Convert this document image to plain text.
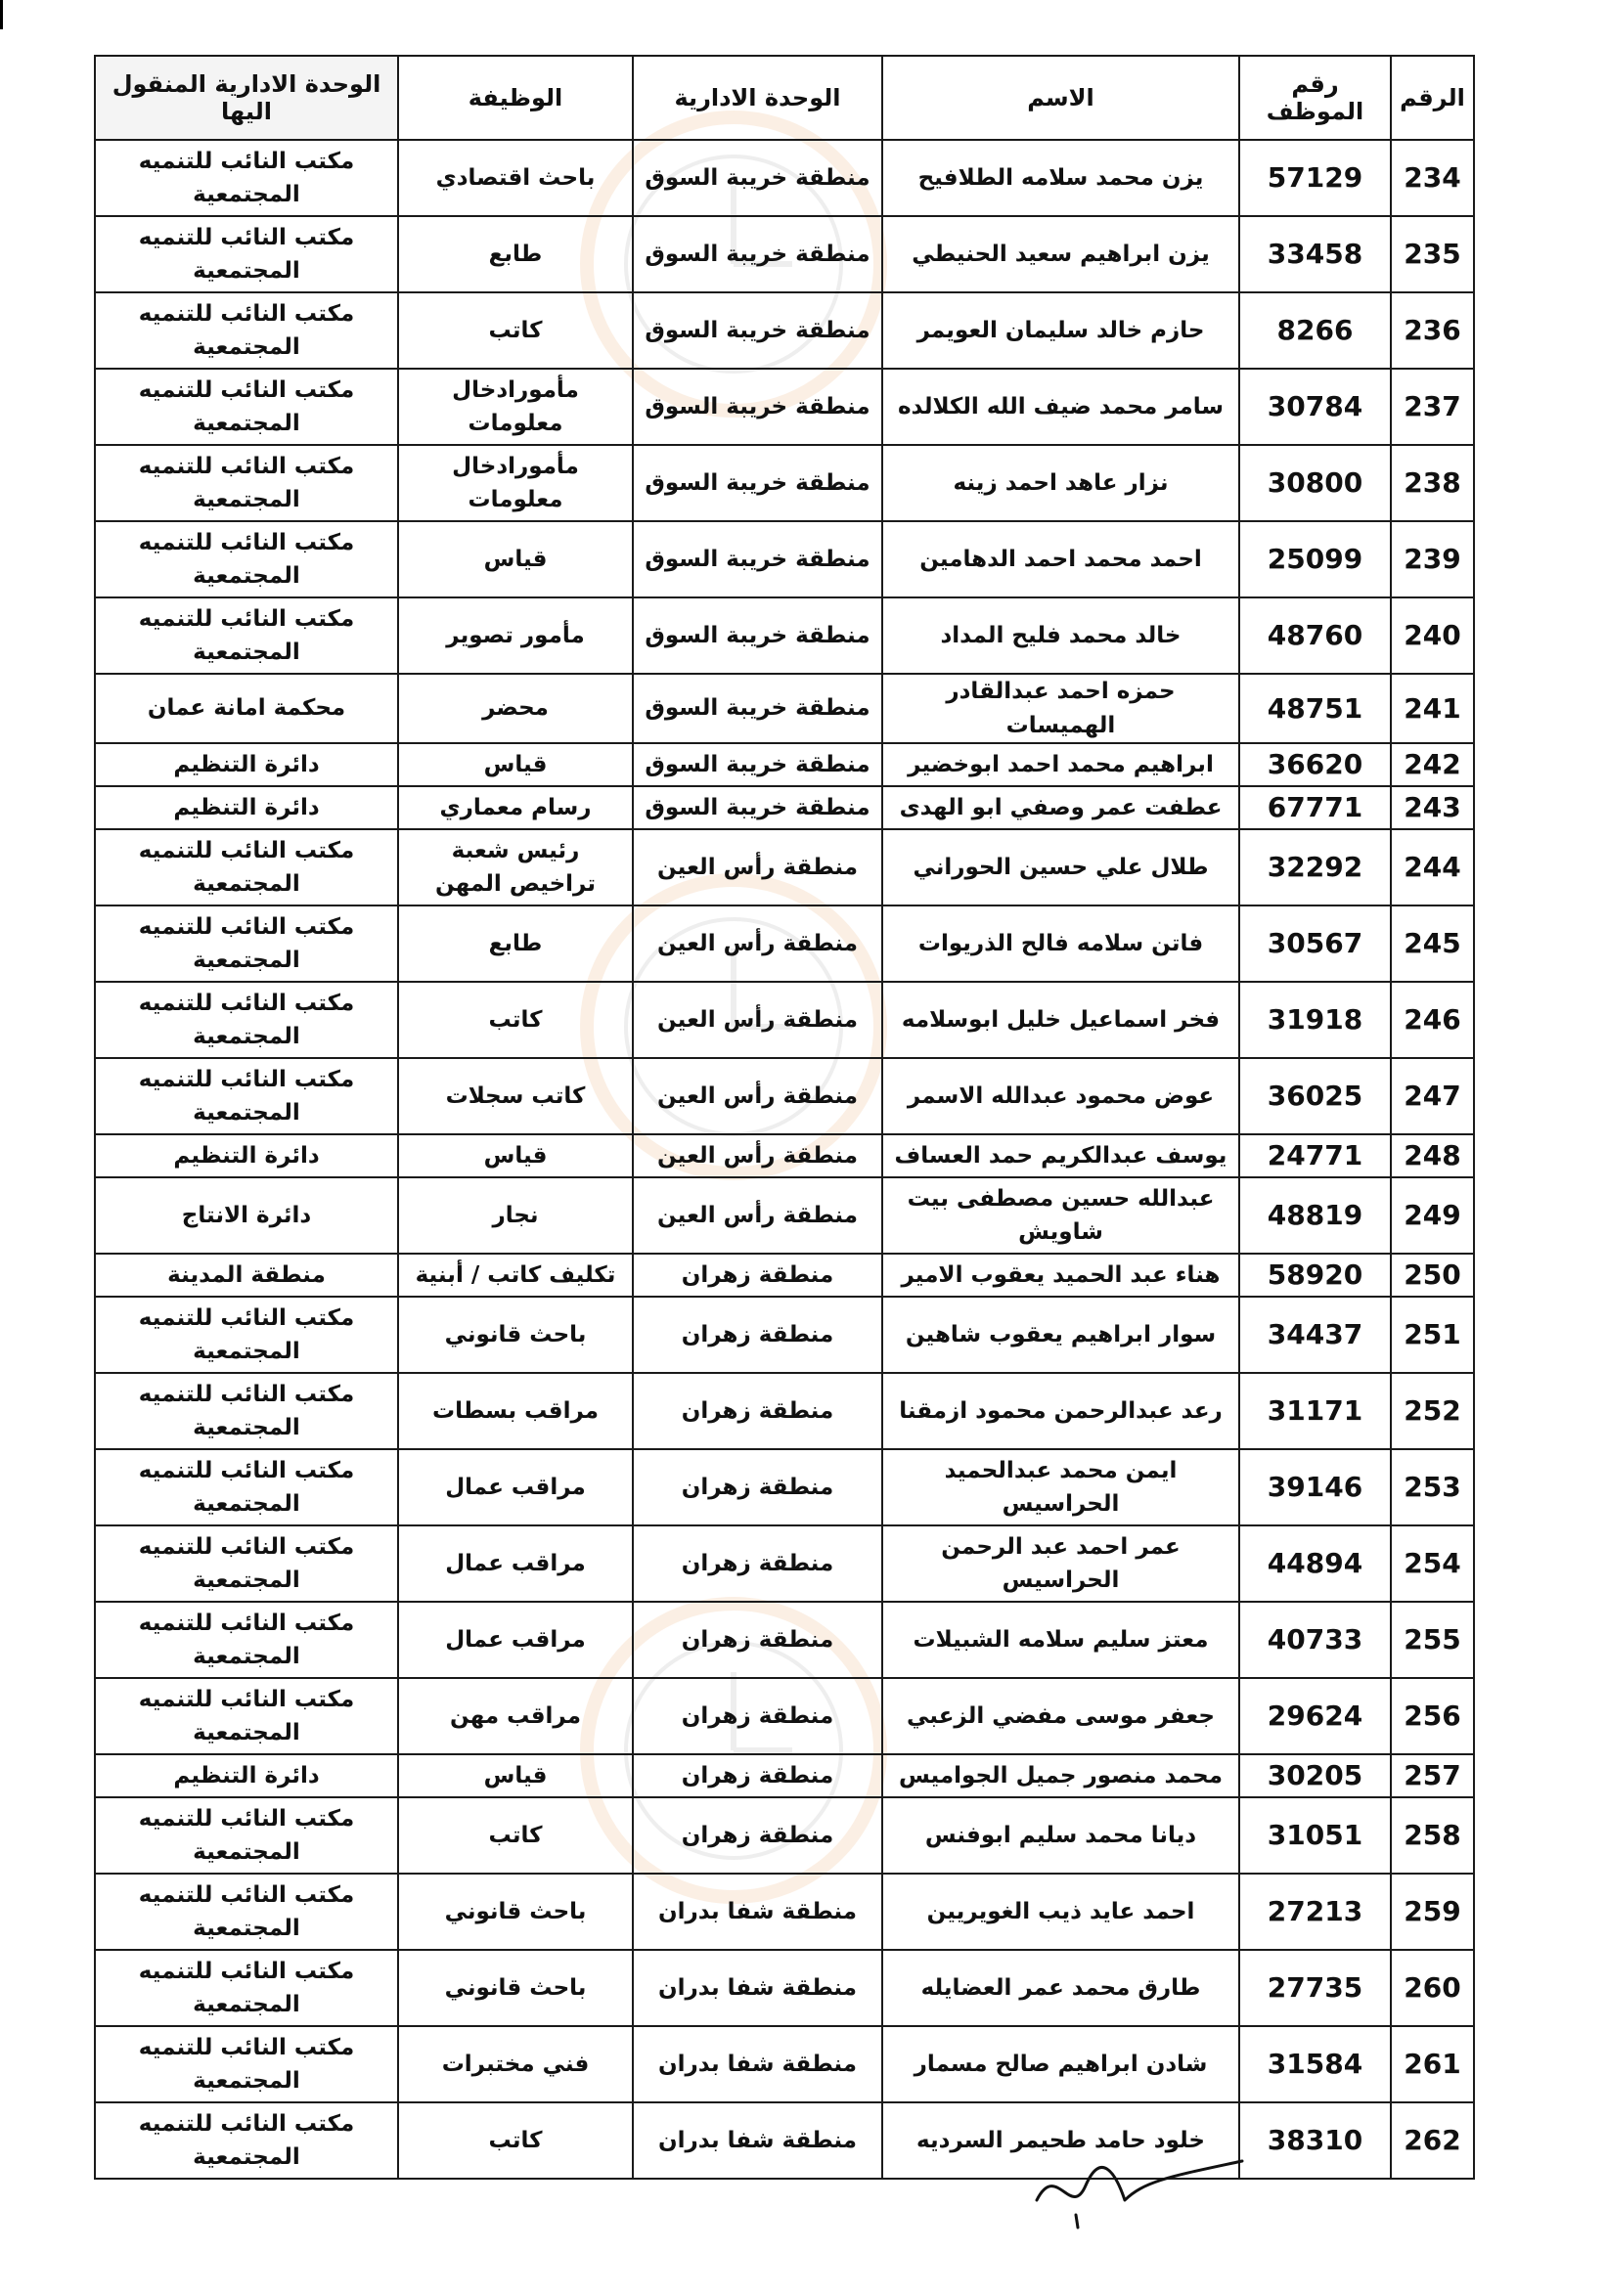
الرقم	رقم الموظف	الاسم	الوحدة الادارية	الوظيفة	الوحدة الادارية المنقول اليها
234	57129	يزن محمد سلامه الطلافيح	منطقة خريبة السوق	باحث اقتصادي	مكتب النائب للتنميه المجتمعية
235	33458	يزن ابراهيم سعيد الحنيطي	منطقة خريبة السوق	طابع	مكتب النائب للتنميه المجتمعية
236	8266	حازم خالد سليمان العويمر	منطقة خريبة السوق	كاتب	مكتب النائب للتنميه المجتمعية
237	30784	سامر محمد ضيف الله الكلالده	منطقة خريبة السوق	مأمورادخال معلومات	مكتب النائب للتنميه المجتمعية
238	30800	نزار عاهد احمد زينه	منطقة خريبة السوق	مأمورادخال معلومات	مكتب النائب للتنميه المجتمعية
239	25099	احمد محمد احمد الدهامين	منطقة خريبة السوق	قياس	مكتب النائب للتنميه المجتمعية
240	48760	خالد محمد فليح المداد	منطقة خريبة السوق	مأمور تصوير	مكتب النائب للتنميه المجتمعية
241	48751	حمزه احمد عبدالقادر الهميسات	منطقة خريبة السوق	محضر	محكمة امانة عمان
242	36620	ابراهيم محمد احمد ابوخضير	منطقة خريبة السوق	قياس	دائرة التنظيم
243	67771	عطفت عمر وصفي ابو الهدى	منطقة خريبة السوق	رسام معماري	دائرة التنظيم
244	32292	طلال علي حسين الحوراني	منطقة رأس العين	رئيس شعبة تراخيص المهن	مكتب النائب للتنميه المجتمعية
245	30567	فاتن سلامه فالح الذريوات	منطقة رأس العين	طابع	مكتب النائب للتنميه المجتمعية
246	31918	فخر اسماعيل خليل ابوسلامه	منطقة رأس العين	كاتب	مكتب النائب للتنميه المجتمعية
247	36025	عوض محمود عبدالله الاسمر	منطقة رأس العين	كاتب سجلات	مكتب النائب للتنميه المجتمعية
248	24771	يوسف عبدالكريم حمد العساف	منطقة رأس العين	قياس	دائرة التنظيم
249	48819	عبدالله حسين مصطفى بيت شاويش	منطقة رأس العين	نجار	دائرة الانتاج
250	58920	هناء عبد الحميد يعقوب الامير	منطقة زهران	تكليف كاتب / أبنية	منطقة المدينة
251	34437	سوار ابراهيم يعقوب شاهين	منطقة زهران	باحث قانوني	مكتب النائب للتنميه المجتمعية
252	31171	رعد عبدالرحمن محمود ازمقنا	منطقة زهران	مراقب بسطات	مكتب النائب للتنميه المجتمعية
253	39146	ايمن محمد عبدالحميد الحراسيس	منطقة زهران	مراقب عمال	مكتب النائب للتنميه المجتمعية
254	44894	عمر احمد عبد الرحمن الحراسيس	منطقة زهران	مراقب عمال	مكتب النائب للتنميه المجتمعية
255	40733	معتز سليم سلامه الشبيلات	منطقة زهران	مراقب عمال	مكتب النائب للتنميه المجتمعية
256	29624	جعفر موسى مفضي الزعبي	منطقة زهران	مراقب مهن	مكتب النائب للتنميه المجتمعية
257	30205	محمد منصور جميل الجواميس	منطقة زهران	قياس	دائرة التنظيم
258	31051	ديانا محمد سليم ابوفنس	منطقة زهران	كاتب	مكتب النائب للتنميه المجتمعية
259	27213	احمد عايد ذيب الغويريين	منطقة شفا بدران	باحث قانوني	مكتب النائب للتنميه المجتمعية
260	27735	طارق محمد عمر العضايله	منطقة شفا بدران	باحث قانوني	مكتب النائب للتنميه المجتمعية
261	31584	شادن ابراهيم صالح مسمار	منطقة شفا بدران	فني مختبرات	مكتب النائب للتنميه المجتمعية
262	38310	خلود حامد طحيمر السرديه	منطقة شفا بدران	كاتب	مكتب النائب للتنميه المجتمعية
